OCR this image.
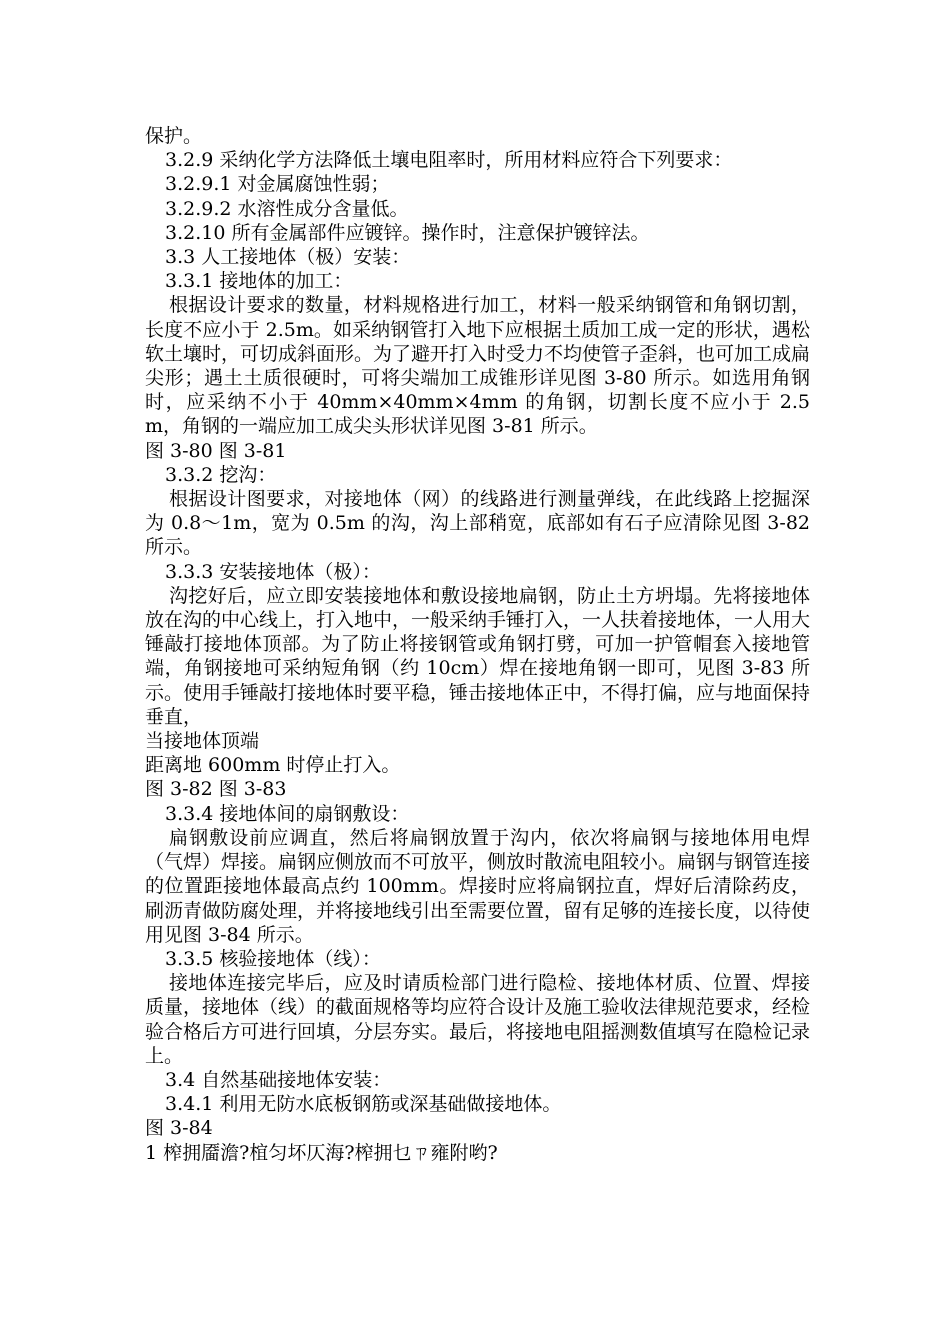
保护。
3.2.9 采纳化学方法降低土壤电阻率时，所用材料应符合下列要求：
3.2.9.1 对金属腐蚀性弱；
3.2.9.2 水溶性成分含量低。
3.2.10 所有金属部件应镀锌。操作时，注意保护镀锌法。
3.3 人工接地体（极）安装：
3.3.1 接地体的加工：
根据设计要求的数量，材料规格进行加工，材料一般采纳钢管和角钢切割，长度不应小于 2.5m。如采纳钢管打入地下应根据土质加工成一定的形状，遇松软土壤时，可切成斜面形。为了避开打入时受力不均使管子歪斜，也可加工成扁尖形；遇土土质很硬时，可将尖端加工成锥形详见图 3-80 所示。如选用角钢时，应采纳不小于 40mm×40mm×4mm 的角钢，切割长度不应小于 2.5m，角钢的一端应加工成尖头形状详见图 3-81 所示。
图 3-80 图 3-81
3.3.2 挖沟：
根据设计图要求，对接地体（网）的线路进行测量弹线，在此线路上挖掘深为 0.8～1m，宽为 0.5m 的沟，沟上部稍宽，底部如有石子应清除见图 3-82 所示。
3.3.3 安装接地体（极）：
沟挖好后，应立即安装接地体和敷设接地扁钢，防止土方坍塌。先将接地体放在沟的中心线上，打入地中，一般采纳手锤打入，一人扶着接地体，一人用大锤敲打接地体顶部。为了防止将接钢管或角钢打劈，可加一护管帽套入接地管端，角钢接地可采纳短角钢（约 10cm）焊在接地角钢一即可，见图 3-83 所示。使用手锤敲打接地体时要平稳，锤击接地体正中，不得打偏，应与地面保持垂直，
当接地体顶端
距离地 600mm 时停止打入。
图 3-82 图 3-83
3.3.4 接地体间的扇钢敷设：
扁钢敷设前应调直，然后将扁钢放置于沟内，依次将扁钢与接地体用电焊（气焊）焊接。扁钢应侧放而不可放平，侧放时散流电阻较小。扁钢与钢管连接的位置距接地体最高点约 100mm。焊接时应将扁钢拉直，焊好后清除药皮，刷沥青做防腐处理，并将接地线引出至需要位置，留有足够的连接长度，以待使用见图 3-84 所示。
3.3.5 核验接地体（线）：
接地体连接完毕后，应及时请质检部门进行隐检、接地体材质、位置、焊接质量，接地体（线）的截面规格等均应符合设计及施工验收法律规范要求，经检验合格后方可进行回填，分层夯实。最后，将接地电阻摇测数值填写在隐检记录上。
3.4 自然基础接地体安装：
3.4.1 利用无防水底板钢筋或深基础做接地体。
图 3-84
1 榨拥靥澹?椬匀坏仄海?榨拥乜ㄗ雍附哟?
